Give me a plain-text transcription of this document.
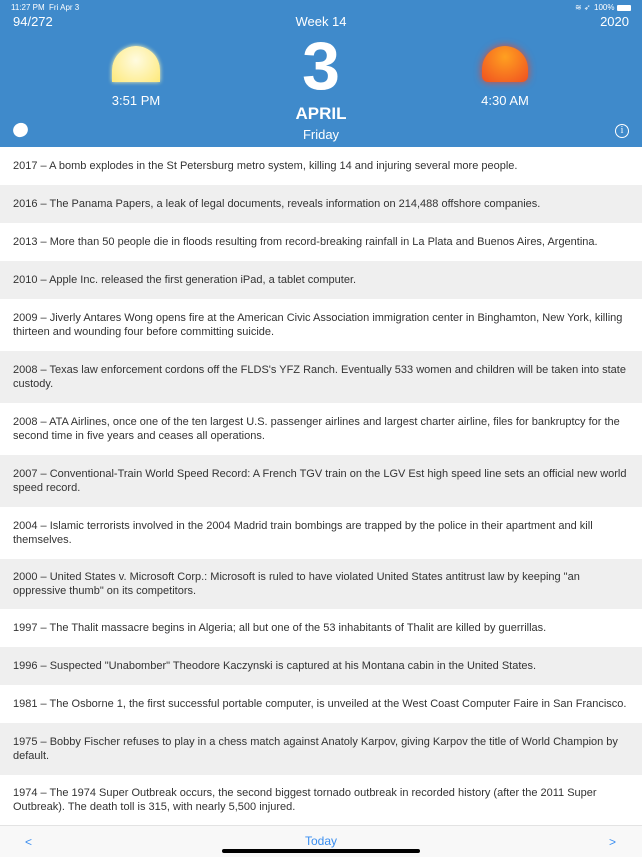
11:27 PM Fri Apr 3	≋ ➶ 100%
94/272	Week 14	2020
3:51 PM	4:30 AM
3
APRIL
Friday	i
2017 – A bomb explodes in the St Petersburg metro system, killing 14 and injuring several more people.
2016 – The Panama Papers, a leak of legal documents, reveals information on 214,488 offshore companies.
2013 – More than 50 people die in floods resulting from record-breaking rainfall in La Plata and Buenos Aires, Argentina.
2010 – Apple Inc. released the first generation iPad, a tablet computer.
2009 – Jiverly Antares Wong opens fire at the American Civic Association immigration center in Binghamton, New York, killing thirteen and wounding four before committing suicide.
2008 – Texas law enforcement cordons off the FLDS's YFZ Ranch. Eventually 533 women and children will be taken into state custody.
2008 – ATA Airlines, once one of the ten largest U.S. passenger airlines and largest charter airline, files for bankruptcy for the second time in five years and ceases all operations.
2007 – Conventional-Train World Speed Record: A French TGV train on the LGV Est high speed line sets an official new world speed record.
2004 – Islamic terrorists involved in the 2004 Madrid train bombings are trapped by the police in their apartment and kill themselves.
2000 – United States v. Microsoft Corp.: Microsoft is ruled to have violated United States antitrust law by keeping "an oppressive thumb" on its competitors.
1997 – The Thalit massacre begins in Algeria; all but one of the 53 inhabitants of Thalit are killed by guerrillas.
1996 – Suspected "Unabomber" Theodore Kaczynski is captured at his Montana cabin in the United States.
1981 – The Osborne 1, the first successful portable computer, is unveiled at the West Coast Computer Faire in San Francisco.
1975 – Bobby Fischer refuses to play in a chess match against Anatoly Karpov, giving Karpov the title of World Champion by default.
1974 – The 1974 Super Outbreak occurs, the second biggest tornado outbreak in recorded history (after the 2011 Super Outbreak). The death toll is 315, with nearly 5,500 injured.
<	Today	>
